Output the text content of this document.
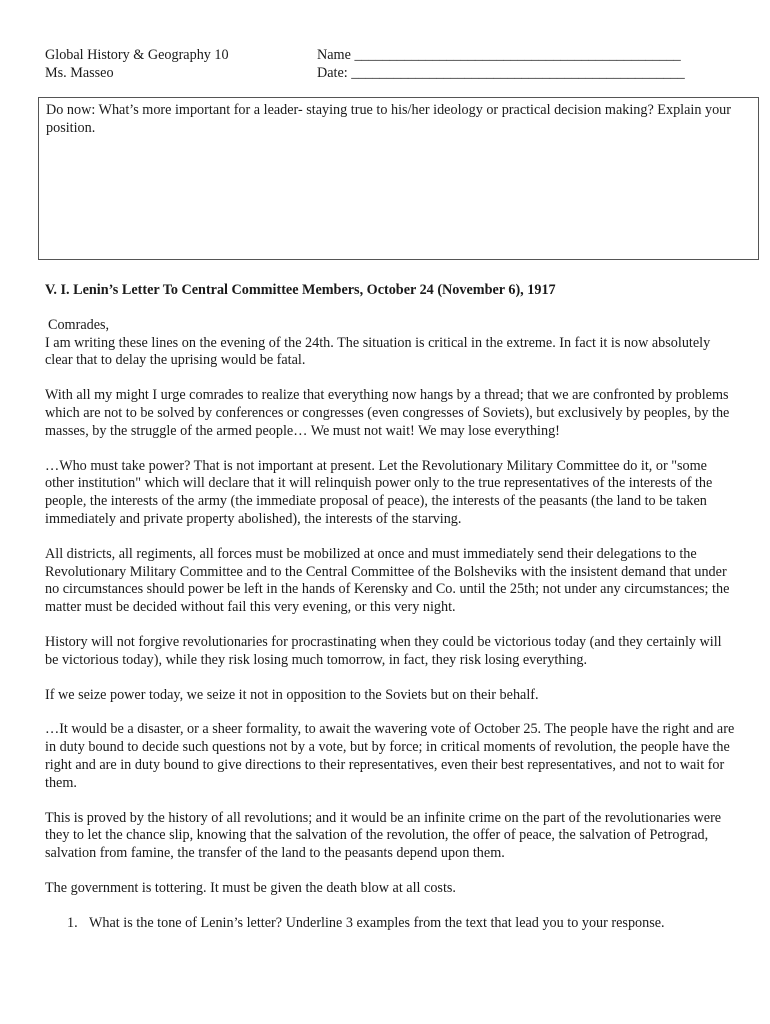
Global History & Geography 10
Ms. Masseo
Name ______________________________________________
Date: _______________________________________________
Do now: What’s more important for a leader- staying true to his/her ideology or practical decision making? Explain your position.

V. I. Lenin’s Letter To Central Committee Members, October 24 (November 6), 1917

Comrades,
I am writing these lines on the evening of the 24th. The situation is critical in the extreme. In fact it is now absolutely clear that to delay the uprising would be fatal.

With all my might I urge comrades to realize that everything now hangs by a thread; that we are confronted by problems which are not to be solved by conferences or congresses (even congresses of Soviets), but exclusively by peoples, by the masses, by the struggle of the armed people… We must not wait! We may lose everything!

…Who must take power? That is not important at present. Let the Revolutionary Military Committee do it, or "some other institution" which will declare that it will relinquish power only to the true representatives of the interests of the people, the interests of the army (the immediate proposal of peace), the interests of the peasants (the land to be taken immediately and private property abolished), the interests of the starving.

All districts, all regiments, all forces must be mobilized at once and must immediately send their delegations to the Revolutionary Military Committee and to the Central Committee of the Bolsheviks with the insistent demand that under no circumstances should power be left in the hands of Kerensky and Co. until the 25th; not under any circumstances; the matter must be decided without fail this very evening, or this very night.

History will not forgive revolutionaries for procrastinating when they could be victorious today (and they certainly will be victorious today), while they risk losing much tomorrow, in fact, they risk losing everything.

If we seize power today, we seize it not in opposition to the Soviets but on their behalf.

…It would be a disaster, or a sheer formality, to await the wavering vote of October 25. The people have the right and are in duty bound to decide such questions not by a vote, but by force; in critical moments of revolution, the people have the right and are in duty bound to give directions to their representatives, even their best representatives, and not to wait for them.

This is proved by the history of all revolutions; and it would be an infinite crime on the part of the revolutionaries were they to let the chance slip, knowing that the salvation of the revolution, the offer of peace, the salvation of Petrograd, salvation from famine, the transfer of the land to the peasants depend upon them.

The government is tottering. It must be given the death blow at all costs.

1. What is the tone of Lenin’s letter? Underline 3 examples from the text that lead you to your response.
